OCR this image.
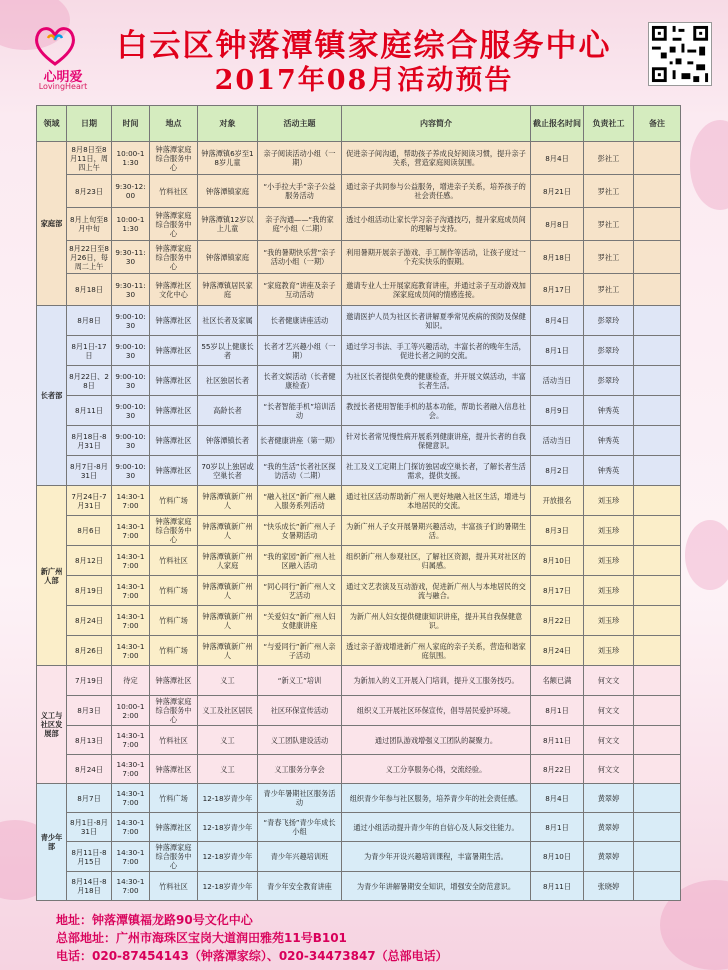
心明爱
LovingHeart
白云区钟落潭镇家庭综合服务中心
2017年08月活动预告
领域	日期	时间	地点	对象	活动主题	内容简介	截止报名时间	负责社工	备注
家庭部	8月8日至8月11日，周四上午	10:00-11:30	钟落潭家庭综合服务中心	钟落潭镇6岁至18岁儿童	亲子阅读活动小组（一期）	促进亲子间沟通，帮助孩子养成良好阅读习惯，提升亲子关系，营造家庭阅读氛围。	8月4日	彭社工	
	8月23日	9:30-12:00	竹料社区	钟落潭镇家庭	“小手拉大手”亲子公益服务活动	通过亲子共同参与公益服务，增进亲子关系，培养孩子的社会责任感。	8月21日	罗社工	
	8月上旬至8月中旬	10:00-11:30	钟落潭家庭综合服务中心	钟落潭镇12岁以上儿童	亲子沟通——“我的家庭”小组（二期）	透过小组活动让家长学习亲子沟通技巧，提升家庭成员间的理解与支持。	8月8日	罗社工	
	8月22日至8月26日，每周二上午	9:30-11:30	钟落潭家庭综合服务中心	钟落潭镇家庭	“我的暑期快乐营”亲子活动小组（一期）	利用暑期开展亲子游戏、手工制作等活动，让孩子度过一个充实快乐的假期。	8月18日	罗社工	
	8月18日	9:30-11:30	钟落潭社区文化中心	钟落潭镇居民家庭	“家庭教育”讲座及亲子互动活动	邀请专业人士开展家庭教育讲座，并通过亲子互动游戏加深家庭成员间的情感连接。	8月17日	罗社工	
长者部	8月8日	9:00-10:30	钟落潭社区	社区长者及家属	长者健康讲座活动	邀请医护人员为社区长者讲解夏季常见疾病的预防及保健知识。	8月4日	彭翠玲	
	8月1日-17日	9:00-10:30	钟落潭社区	55岁以上健康长者	长者才艺兴趣小组（一期）	通过学习书法、手工等兴趣活动，丰富长者的晚年生活，促进长者之间的交流。	8月1日	彭翠玲	
	8月22日、28日	9:00-10:30	钟落潭社区	社区独居长者	长者文娱活动（长者健康检查）	为社区长者提供免费的健康检查，并开展文娱活动，丰富长者生活。	活动当日	彭翠玲	
	8月11日	9:00-10:30	钟落潭社区	高龄长者	“长者智能手机”培训活动	教授长者使用智能手机的基本功能，帮助长者融入信息社会。	8月9日	钟秀英	
	8月18日-8月31日	9:00-10:30	钟落潭社区	钟落潭镇长者	长者健康讲座（第一期）	针对长者常见慢性病开展系列健康讲座，提升长者的自我保健意识。	活动当日	钟秀英	
	8月7日-8月31日	9:00-10:30	钟落潭社区	70岁以上独居或空巢长者	“我的生活”长者社区探访活动（二期）	社工及义工定期上门探访独居或空巢长者，了解长者生活需求，提供支援。	8月2日	钟秀英	
新广州人部	7月24日-7月31日	14:30-17:00	竹料广场	钟落潭镇新广州人	“融入社区”新广州人融入服务系列活动	通过社区活动帮助新广州人更好地融入社区生活，增进与本地居民的交流。	开放报名	刘玉珍	
	8月6日	14:30-17:00	钟落潭家庭综合服务中心	钟落潭镇新广州人	“快乐成长”新广州人子女暑期活动	为新广州人子女开展暑期兴趣活动，丰富孩子们的暑期生活。	8月3日	刘玉珍	
	8月12日	14:30-17:00	竹料社区	钟落潭镇新广州人家庭	“我的家园”新广州人社区融入活动	组织新广州人参观社区，了解社区资源，提升其对社区的归属感。	8月10日	刘玉珍	
	8月19日	14:30-17:00	竹料广场	钟落潭镇新广州人	“同心同行”新广州人文艺活动	通过文艺表演及互动游戏，促进新广州人与本地居民的交流与融合。	8月17日	刘玉珍	
	8月24日	14:30-17:00	竹料广场	钟落潭镇新广州人	“关爱妇女”新广州人妇女健康讲座	为新广州人妇女提供健康知识讲座，提升其自我保健意识。	8月22日	刘玉珍	
	8月26日	14:30-17:00	竹料广场	钟落潭镇新广州人	“与爱同行”新广州人亲子活动	透过亲子游戏增进新广州人家庭的亲子关系，营造和谐家庭氛围。	8月24日	刘玉珍	
义工与社区发展部	7月19日	待定	钟落潭社区	义工	“新义工”培训	为新加入的义工开展入门培训，提升义工服务技巧。	名额已满	何文文	
	8月3日	10:00-12:00	钟落潭家庭综合服务中心	义工及社区居民	社区环保宣传活动	组织义工开展社区环保宣传，倡导居民爱护环境。	8月1日	何文文	
	8月13日	14:30-17:00	竹料社区	义工	义工团队建设活动	通过团队游戏增强义工团队的凝聚力。	8月11日	何文文	
	8月24日	14:30-17:00	钟落潭社区	义工	义工服务分享会	义工分享服务心得，交流经验。	8月22日	何文文	
青少年部	8月7日	14:30-17:00	竹料广场	12-18岁青少年	青少年暑期社区服务活动	组织青少年参与社区服务，培养青少年的社会责任感。	8月4日	黄翠婷	
	8月1日-8月31日	14:30-17:00	钟落潭社区	12-18岁青少年	“青春飞扬”青少年成长小组	通过小组活动提升青少年的自信心及人际交往能力。	8月1日	黄翠婷	
	8月11日-8月15日	14:30-17:00	钟落潭家庭综合服务中心	12-18岁青少年	青少年兴趣培训班	为青少年开设兴趣培训课程，丰富暑期生活。	8月10日	黄翠婷	
	8月14日-8月18日	14:30-17:00	竹料社区	12-18岁青少年	青少年安全教育讲座	为青少年讲解暑期安全知识，增强安全防范意识。	8月11日	张晓婷	
地址：钟落潭镇福龙路90号文化中心
总部地址：广州市海珠区宝岗大道润田雅苑11号B101
电话：020-87454143（钟落潭家综）、020-34473847（总部电话）
